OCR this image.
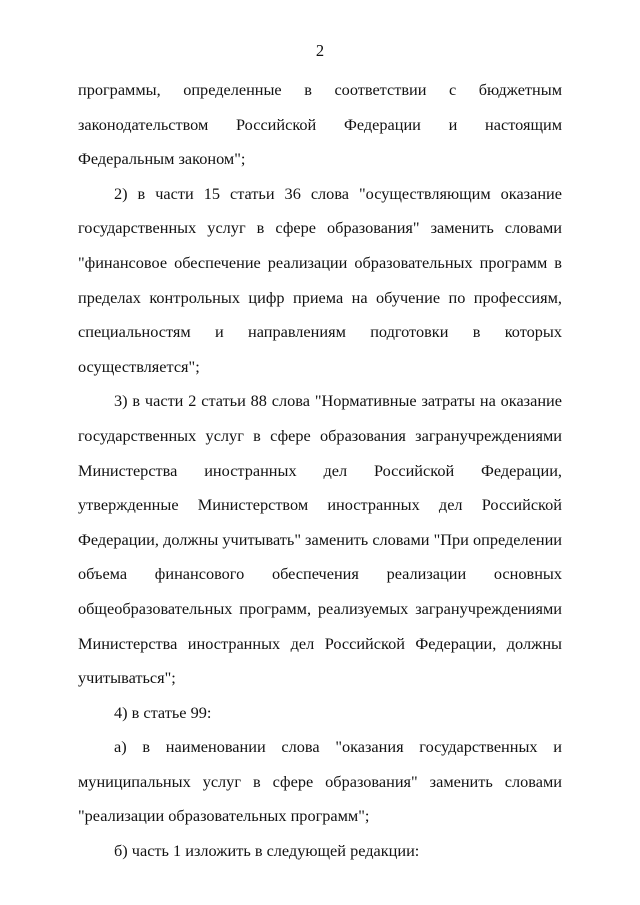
2

программы, определенные в соответствии с бюджетным законодательством Российской Федерации и настоящим Федеральным законом";

2) в части 15 статьи 36 слова "осуществляющим оказание государственных услуг в сфере образования" заменить словами "финансовое обеспечение реализации образовательных программ в пределах контрольных цифр приема на обучение по профессиям, специальностям и направлениям подготовки в которых осуществляется";

3) в части 2 статьи 88 слова "Нормативные затраты на оказание государственных услуг в сфере образования загранучреждениями Министерства иностранных дел Российской Федерации, утвержденные Министерством иностранных дел Российской Федерации, должны учитывать" заменить словами "При определении объема финансового обеспечения реализации основных общеобразовательных программ, реализуемых загранучреждениями Министерства иностранных дел Российской Федерации, должны учитываться";

4) в статье 99:

а) в наименовании слова "оказания государственных и муниципальных услуг в сфере образования" заменить словами "реализации образовательных программ";

б) часть 1 изложить в следующей редакции:
